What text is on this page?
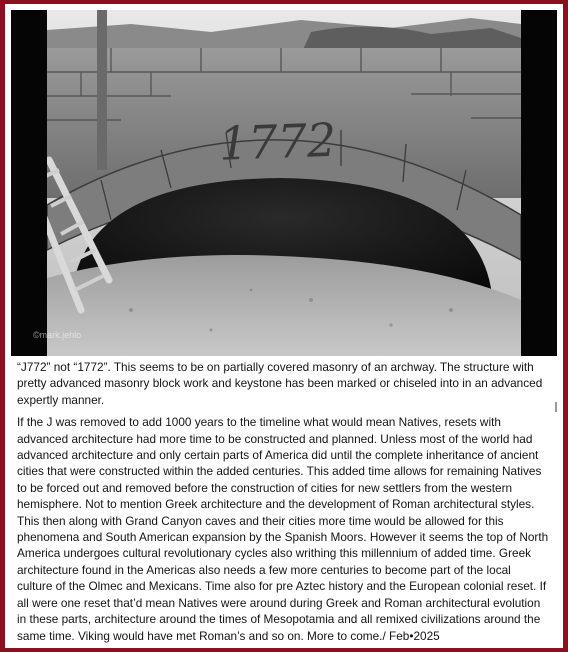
1772
©mark.jehlo

“J772” not “1772”. This seems to be on partially covered masonry of an archway. The structure with pretty advanced masonry block work and keystone has been marked or chiseled into in an advanced expertly manner.

If the J was removed to add 1000 years to the timeline what would mean Natives, resets with advanced architecture had more time to be constructed and planned. Unless most of the world had advanced architecture and only certain parts of America did until the complete inheritance of ancient cities that were constructed within the added centuries. This added time allows for remaining Natives to be forced out and removed before the construction of cities for new settlers from the western hemisphere. Not to mention Greek architecture and the development of Roman architectural styles. This then along with Grand Canyon caves and their cities more time would be allowed for this phenomena and South American expansion by the Spanish Moors. However it seems the top of North America undergoes cultural revolutionary cycles also writhing this millennium of added time. Greek architecture found in the Americas also needs a few more centuries to become part of the local culture of the Olmec and Mexicans. Time also for pre Aztec history and the European colonial reset. If all were one reset that’d mean Natives were around during Greek and Roman architectural evolution in these parts, architecture around the times of Mesopotamia and all remixed civilizations around the same time. Viking would have met Roman’s and so on. More to come./ Feb•2025
